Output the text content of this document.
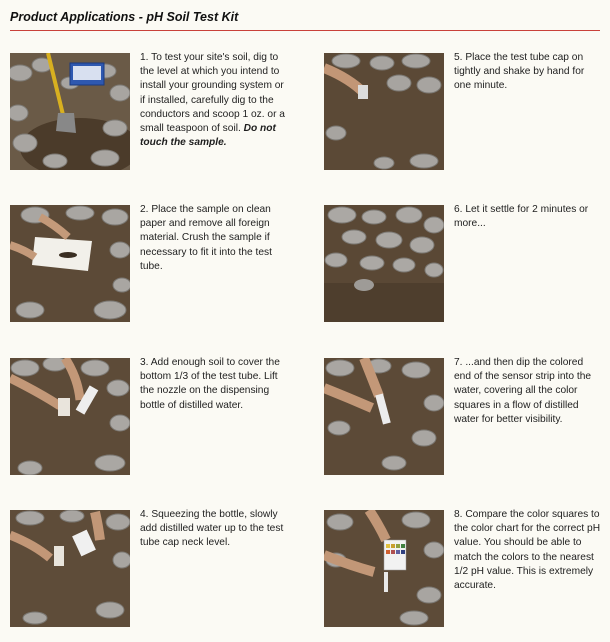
Product Applications - pH Soil Test Kit
1. To test your site's soil, dig to the level at which you intend to install your grounding system or if installed, carefully dig to the conductors and scoop 1 oz. or a small teaspoon of soil. Do not touch the sample.
2. Place the sample on clean paper and remove all foreign material. Crush the sample if necessary to fit it into the test tube.
3. Add enough soil to cover the bottom 1/3 of the test tube. Lift the nozzle on the dispensing bottle of distilled water.
4. Squeezing the bottle, slowly add distilled water up to the test tube cap neck level.
5. Place the test tube cap on tightly and shake by hand for one minute.
6. Let it settle for 2 minutes or more...
7. ...and then dip the colored end of the sensor strip into the water, covering all the color squares in a flow of distilled water for better visibility.
8. Compare the color squares to the color chart for the correct pH value. You should be able to match the colors to the nearest 1/2 pH value. This is extremely accurate.
